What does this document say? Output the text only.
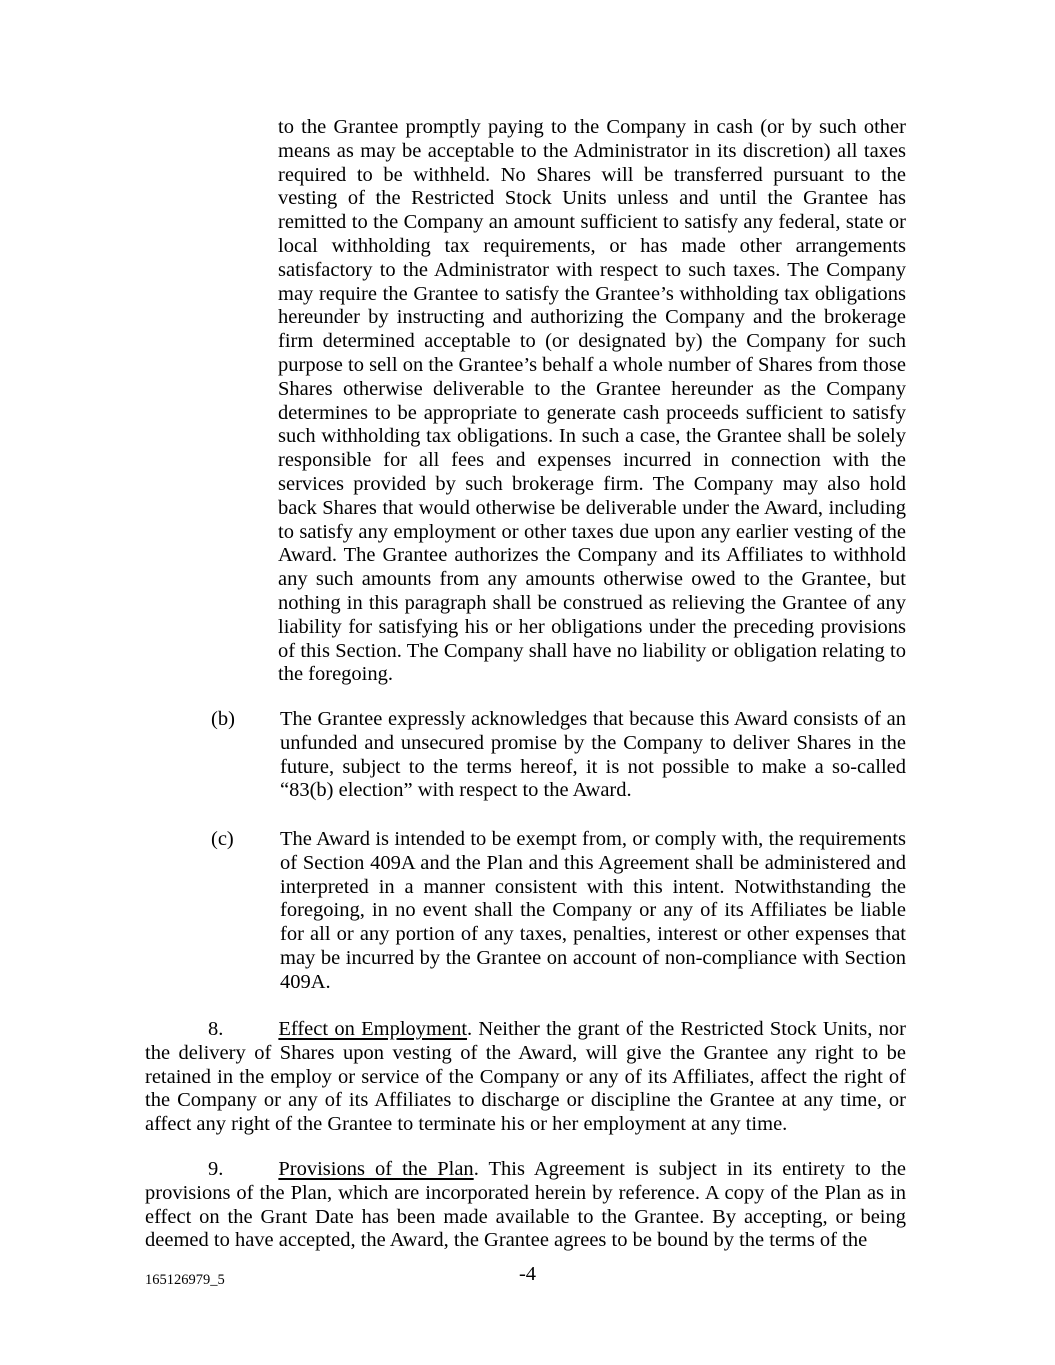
to the Grantee promptly paying to the Company in cash (or by such other means as may be acceptable to the Administrator in its discretion) all taxes required to be withheld. No Shares will be transferred pursuant to the vesting of the Restricted Stock Units unless and until the Grantee has remitted to the Company an amount sufficient to satisfy any federal, state or local withholding tax requirements, or has made other arrangements satisfactory to the Administrator with respect to such taxes. The Company may require the Grantee to satisfy the Grantee’s withholding tax obligations hereunder by instructing and authorizing the Company and the brokerage firm determined acceptable to (or designated by) the Company for such purpose to sell on the Grantee’s behalf a whole number of Shares from those Shares otherwise deliverable to the Grantee hereunder as the Company determines to be appropriate to generate cash proceeds sufficient to satisfy such withholding tax obligations. In such a case, the Grantee shall be solely responsible for all fees and expenses incurred in connection with the services provided by such brokerage firm. The Company may also hold back Shares that would otherwise be deliverable under the Award, including to satisfy any employment or other taxes due upon any earlier vesting of the Award. The Grantee authorizes the Company and its Affiliates to withhold any such amounts from any amounts otherwise owed to the Grantee, but nothing in this paragraph shall be construed as relieving the Grantee of any liability for satisfying his or her obligations under the preceding provisions of this Section. The Company shall have no liability or obligation relating to the foregoing.
(b) The Grantee expressly acknowledges that because this Award consists of an unfunded and unsecured promise by the Company to deliver Shares in the future, subject to the terms hereof, it is not possible to make a so-called “83(b) election” with respect to the Award.
(c) The Award is intended to be exempt from, or comply with, the requirements of Section 409A and the Plan and this Agreement shall be administered and interpreted in a manner consistent with this intent. Notwithstanding the foregoing, in no event shall the Company or any of its Affiliates be liable for all or any portion of any taxes, penalties, interest or other expenses that may be incurred by the Grantee on account of non-compliance with Section 409A.
8.	Effect on Employment. Neither the grant of the Restricted Stock Units, nor the delivery of Shares upon vesting of the Award, will give the Grantee any right to be retained in the employ or service of the Company or any of its Affiliates, affect the right of the Company or any of its Affiliates to discharge or discipline the Grantee at any time, or affect any right of the Grantee to terminate his or her employment at any time.
9.	Provisions of the Plan. This Agreement is subject in its entirety to the provisions of the Plan, which are incorporated herein by reference. A copy of the Plan as in effect on the Grant Date has been made available to the Grantee. By accepting, or being deemed to have accepted, the Award, the Grantee agrees to be bound by the terms of the
165126979_5	-4
